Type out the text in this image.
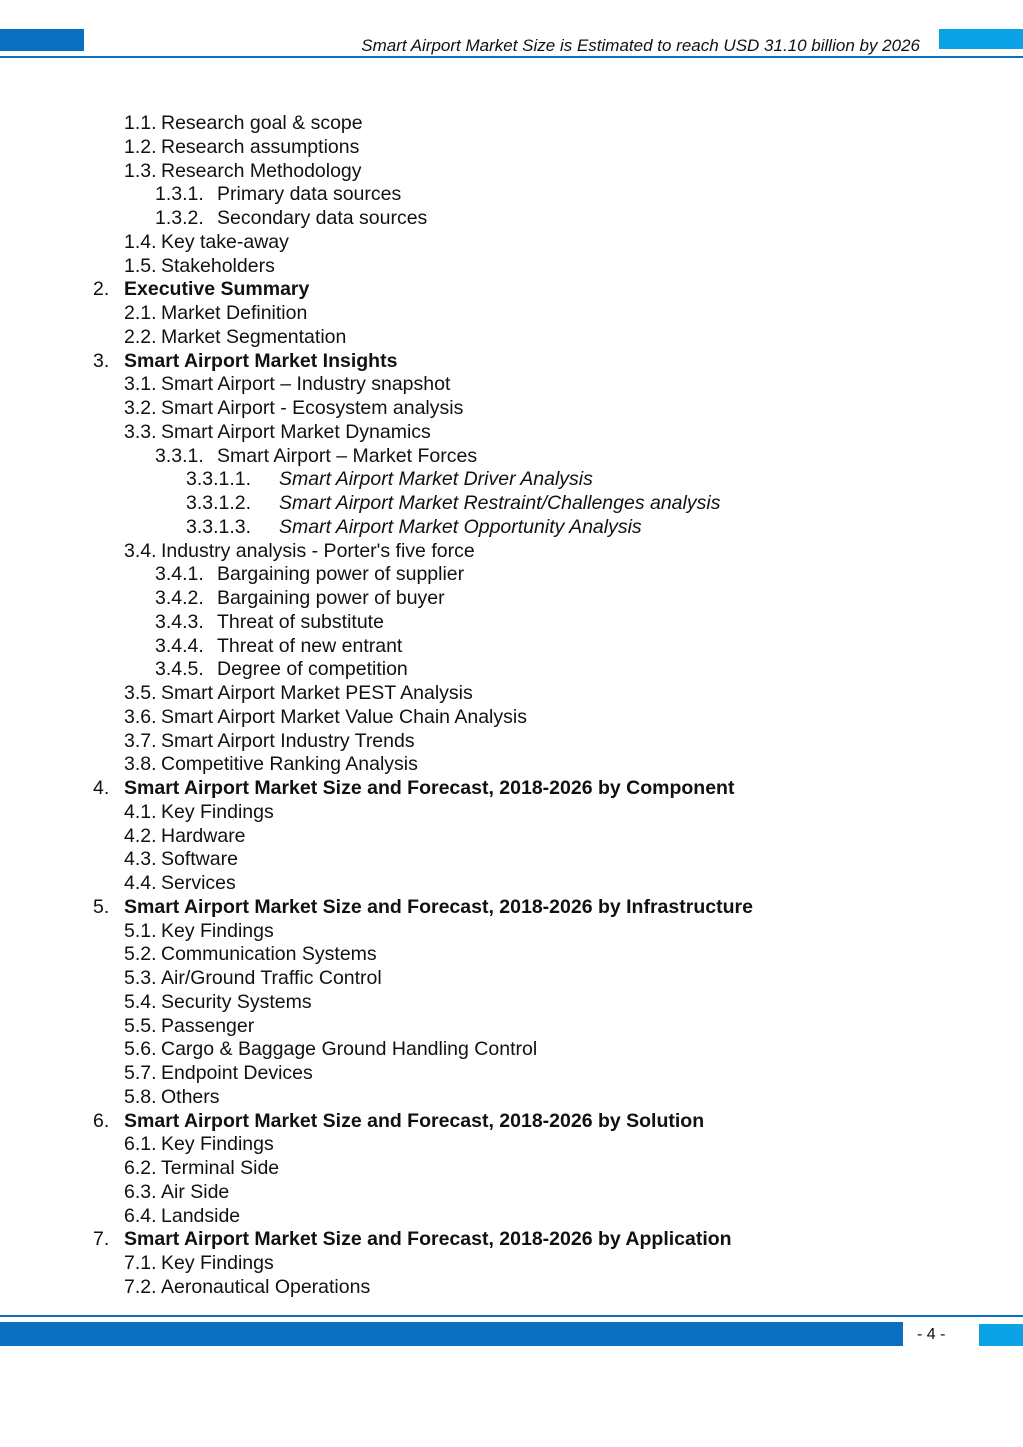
Smart Airport Market Size is Estimated to reach USD 31.10 billion by 2026
1.1. Research goal & scope
1.2. Research assumptions
1.3. Research Methodology
1.3.1. Primary data sources
1.3.2. Secondary data sources
1.4. Key take-away
1.5. Stakeholders
2. Executive Summary
2.1. Market Definition
2.2. Market Segmentation
3. Smart Airport Market Insights
3.1. Smart Airport – Industry snapshot
3.2. Smart Airport - Ecosystem analysis
3.3. Smart Airport Market Dynamics
3.3.1. Smart Airport – Market Forces
3.3.1.1. Smart Airport Market Driver Analysis
3.3.1.2. Smart Airport Market Restraint/Challenges analysis
3.3.1.3. Smart Airport Market Opportunity Analysis
3.4. Industry analysis - Porter's five force
3.4.1. Bargaining power of supplier
3.4.2. Bargaining power of buyer
3.4.3. Threat of substitute
3.4.4. Threat of new entrant
3.4.5. Degree of competition
3.5. Smart Airport Market PEST Analysis
3.6. Smart Airport Market Value Chain Analysis
3.7. Smart Airport Industry Trends
3.8. Competitive Ranking Analysis
4. Smart Airport Market Size and Forecast, 2018-2026 by Component
4.1. Key Findings
4.2. Hardware
4.3. Software
4.4. Services
5. Smart Airport Market Size and Forecast, 2018-2026 by Infrastructure
5.1. Key Findings
5.2. Communication Systems
5.3. Air/Ground Traffic Control
5.4. Security Systems
5.5. Passenger
5.6. Cargo & Baggage Ground Handling Control
5.7. Endpoint Devices
5.8. Others
6. Smart Airport Market Size and Forecast, 2018-2026 by Solution
6.1. Key Findings
6.2. Terminal Side
6.3. Air Side
6.4. Landside
7. Smart Airport Market Size and Forecast, 2018-2026 by Application
7.1. Key Findings
7.2. Aeronautical Operations
- 4 -
